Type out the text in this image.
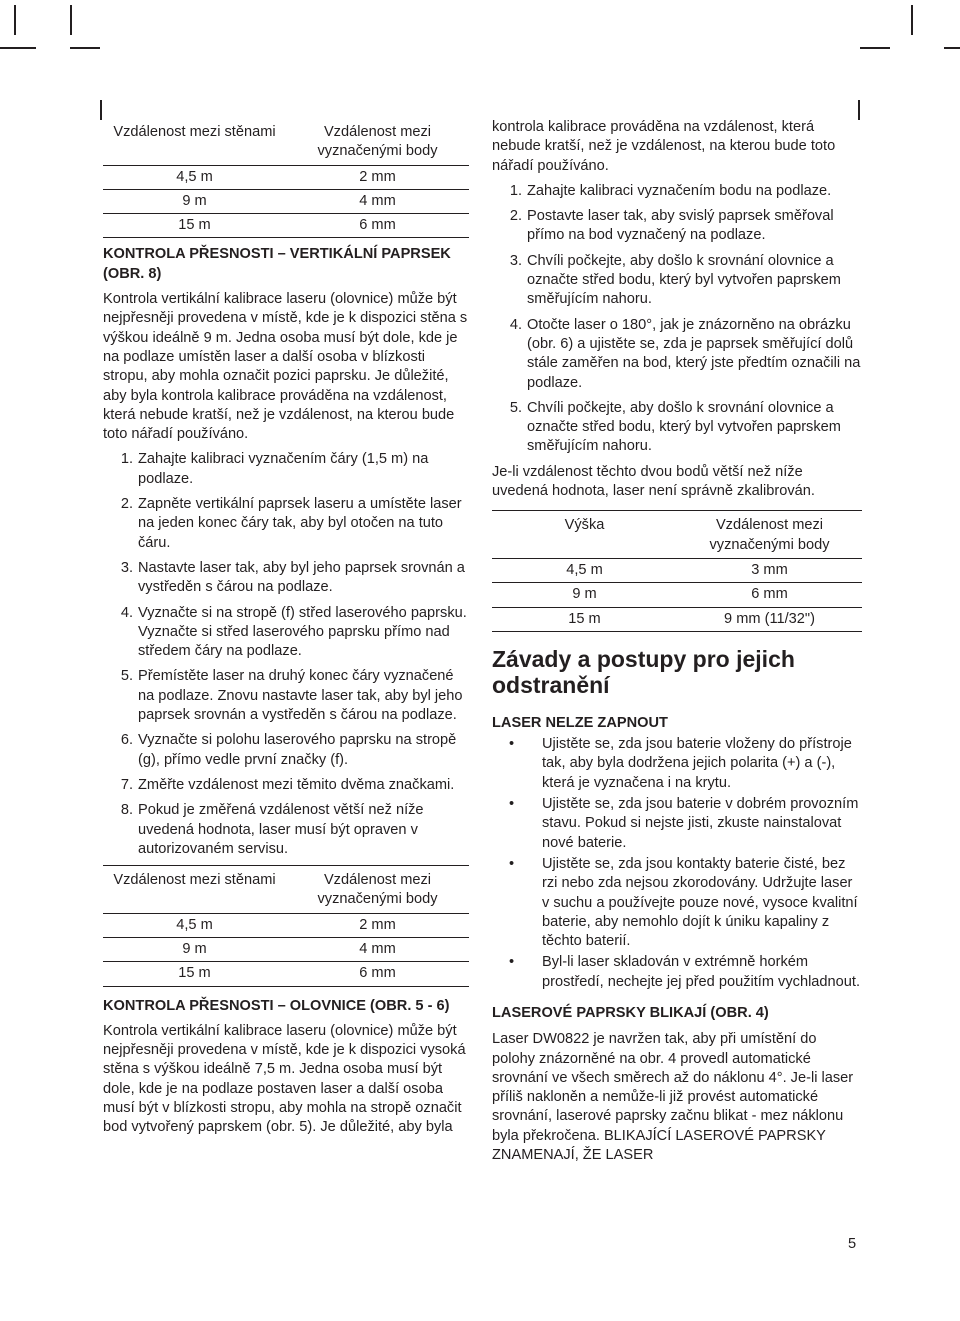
Vzdálenost mezi stěnami	Vzdálenost mezi vyznačenými body
4,5 m	2 mm
9 m	4 mm
15 m	6 mm

KONTROLA PŘESNOSTI – VERTIKÁLNÍ PAPRSEK (OBR. 8)

Kontrola vertikální kalibrace laseru (olovnice) může být nejpřesněji provedena v místě, kde je k dispozici stěna s výškou ideálně 9 m. Jedna osoba musí být dole, kde je na podlaze umístěn laser a další osoba v blízkosti stropu, aby mohla označit pozici paprsku. Je důležité, aby byla kontrola kalibrace prováděna na vzdálenost, která nebude kratší, než je vzdálenost, na kterou bude toto nářadí používáno.

1. Zahajte kalibraci vyznačením čáry (1,5 m) na podlaze.
2. Zapněte vertikální paprsek laseru a umístěte laser na jeden konec čáry tak, aby byl otočen na tuto čáru.
3. Nastavte laser tak, aby byl jeho paprsek srovnán a vystředěn s čárou na podlaze.
4. Vyznačte si na stropě (f) střed laserového paprsku. Vyznačte si střed laserového paprsku přímo nad středem čáry na podlaze.
5. Přemístěte laser na druhý konec čáry vyznačené na podlaze. Znovu nastavte laser tak, aby byl jeho paprsek srovnán a vystředěn s čárou na podlaze.
6. Vyznačte si polohu laserového paprsku na stropě (g), přímo vedle první značky (f).
7. Změřte vzdálenost mezi těmito dvěma značkami.
8. Pokud je změřená vzdálenost větší než níže uvedená hodnota, laser musí být opraven v autorizovaném servisu.
Vzdálenost mezi stěnami	Vzdálenost mezi vyznačenými body
4,5 m	2 mm
9 m	4 mm
15 m	6 mm

KONTROLA PŘESNOSTI – OLOVNICE (OBR. 5 - 6)

Kontrola vertikální kalibrace laseru (olovnice) může být nejpřesněji provedena v místě, kde je k dispozici vysoká stěna s výškou ideálně 7,5 m. Jedna osoba musí být dole, kde je na podlaze postaven laser a další osoba musí být v blízkosti stropu, aby mohla na stropě označit bod vytvořený paprskem (obr. 5). Je důležité, aby byla

kontrola kalibrace prováděna na vzdálenost, která nebude kratší, než je vzdálenost, na kterou bude toto nářadí používáno.

1. Zahajte kalibraci vyznačením bodu na podlaze.
2. Postavte laser tak, aby svislý paprsek směřoval přímo na bod vyznačený na podlaze.
3. Chvíli počkejte, aby došlo k srovnání olovnice a označte střed bodu, který byl vytvořen paprskem směřujícím nahoru.
4. Otočte laser o 180°, jak je znázorněno na obrázku (obr. 6) a ujistěte se, zda je paprsek směřující dolů stále zaměřen na bod, který jste předtím označili na podlaze.
5. Chvíli počkejte, aby došlo k srovnání olovnice a označte střed bodu, který byl vytvořen paprskem směřujícím nahoru.

Je-li vzdálenost těchto dvou bodů větší než níže uvedená hodnota, laser není správně zkalibrován.

Výška	Vzdálenost mezi vyznačenými body
4,5 m	3 mm
9 m	6 mm
15 m	9 mm (11/32")

Závady a postupy pro jejich odstranění

LASER NELZE ZAPNOUT

•	Ujistěte se, zda jsou baterie vloženy do přístroje tak, aby byla dodržena jejich polarita (+) a (-), která je vyznačena i na krytu.
•	Ujistěte se, zda jsou baterie v dobrém provozním stavu. Pokud si nejste jisti, zkuste nainstalovat nové baterie.
•	Ujistěte se, zda jsou kontakty baterie čisté, bez rzi nebo zda nejsou zkorodovány. Udržujte laser v suchu a používejte pouze nové, vysoce kvalitní baterie, aby nemohlo dojít k úniku kapaliny z těchto baterií.
•	Byl-li laser skladován v extrémně horkém prostředí, nechejte jej před použitím vychladnout.

LASEROVÉ PAPRSKY BLIKAJÍ (OBR. 4)

Laser DW0822 je navržen tak, aby při umístění do polohy znázorněné na obr. 4 provedl automatické srovnání ve všech směrech až do náklonu 4°. Je-li laser příliš nakloněn a nemůže-li již provést automatické srovnání, laserové paprsky začnu blikat - mez náklonu byla překročena. BLIKAJÍCÍ LASEROVÉ PAPRSKY ZNAMENAJÍ, ŽE LASER

5
